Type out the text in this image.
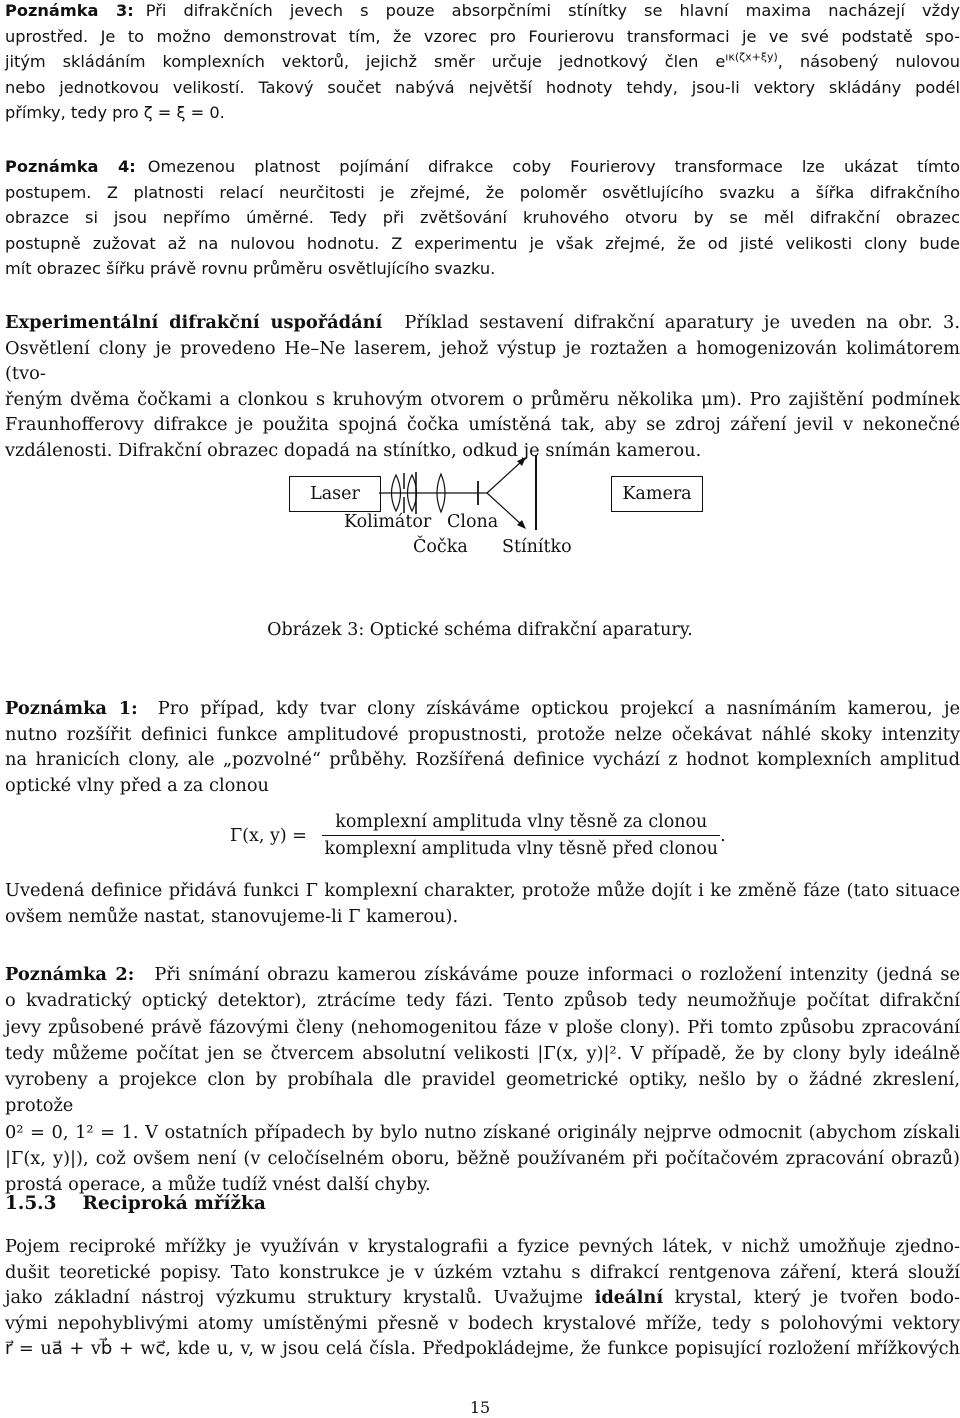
Poznámka 3: Při difrakčních jevech s pouze absorpčními stínítky se hlavní maxima nacházejí vždy
uprostřed. Je to možno demonstrovat tím, že vzorec pro Fourierovu transformaci je ve své podstatě spo-
jitým skládáním komplexních vektorů, jejichž směr určuje jednotkový člen $e^{ı\kappa(\zeta x+\xi y)}$, násobený nulovou
nebo jednotkovou velikostí. Takový součet nabývá největší hodnoty tehdy, jsou-li vektory skládány podél
přímky, tedy pro ζ = ξ = 0.
Poznámka 4: Omezenou platnost pojímání difrakce coby Fourierovy transformace lze ukázat tímto
postupem. Z platnosti relací neurčitosti je zřejmé, že poloměr osvětlujícího svazku a šířka difrakčního
obrazce si jsou nepřímo úměrné. Tedy při zvětšování kruhového otvoru by se měl difrakční obrazec
postupně zužovat až na nulovou hodnotu. Z experimentu je však zřejmé, že od jisté velikosti clony bude
mít obrazec šířku právě rovnu průměru osvětlujícího svazku.
Experimentální difrakční uspořádání Příklad sestavení difrakční aparatury je uveden na obr. 3.
Osvětlení clony je provedeno He–Ne laserem, jehož výstup je roztažen a homogenizován kolimátorem (tvo-
řeným dvěma čočkami a clonkou s kruhovým otvorem o průměru několika μm). Pro zajištění podmínek
Fraunhofferovy difrakce je použita spojná čočka umístěná tak, aby se zdroj záření jevil v nekonečné
vzdálenosti. Difrakční obrazec dopadá na stínítko, odkud je snímán kamerou.
Laser	Kamera
Kolimátor Clona
Čočka Stínítko
Obrázek 3: Optické schéma difrakční aparatury.
Poznámka 1: Pro případ, kdy tvar clony získáváme optickou projekcí a nasnímáním kamerou, je
nutno rozšířit definici funkce amplitudové propustnosti, protože nelze očekávat náhlé skoky intenzity
na hranicích clony, ale „pozvolné“ průběhy. Rozšířená definice vychází z hodnot komplexních amplitud
optické vlny před a za clonou
Γ(x, $y) = \frac{\text{komplexní amplituda vlny těsně za clonou}}{\text{komplexní amplituda vlny těsně před clonou}}$ .
Uvedená definice přidává funkci Γ komplexní charakter, protože může dojít i ke změně fáze (tato situace
ovšem nemůže nastat, stanovujeme-li Γ kamerou).
Poznámka 2: Při snímání obrazu kamerou získáváme pouze informaci o rozložení intenzity (jedná se
o kvadratický optický detektor), ztrácíme tedy fázi. Tento způsob tedy neumožňuje počítat difrakční
jevy způsobené právě fázovými členy (nehomogenitou fáze v ploše clony). Při tomto způsobu zpracování
tedy můžeme počítat jen se čtvercem absolutní velikosti |Γ(x, y)|². V případě, že by clony byly ideálně
vyrobeny a projekce clon by probíhala dle pravidel geometrické optiky, nešlo by o žádné zkreslení, protože
0² = 0, 1² = 1. V ostatních případech by bylo nutno získané originály nejprve odmocnit (abychom získali
|Γ(x, y)|), což ovšem není (v celočíselném oboru, běžně používaném při počítačovém zpracování obrazů)
prostá operace, a může tudíž vnést další chyby.
1.5.3 Reciproká mřížka
Pojem reciproké mřížky je využíván v krystalografii a fyzice pevných látek, v nichž umožňuje zjedno-
dušit teoretické popisy. Tato konstrukce je v úzkém vztahu s difrakcí rentgenova záření, která slouží
jako základní nástroj výzkumu struktury krystalů. Uvažujme ideální krystal, který je tvořen bodo-
vými nepohyblivými atomy umístěnými přesně v bodech krystalové mříže, tedy s polohovými vektory
r⃗ = ua⃗ + vb⃗ + wc⃗, kde u, v, w jsou celá čísla. Předpokládejme, že funkce popisující rozložení mřížkových
15
